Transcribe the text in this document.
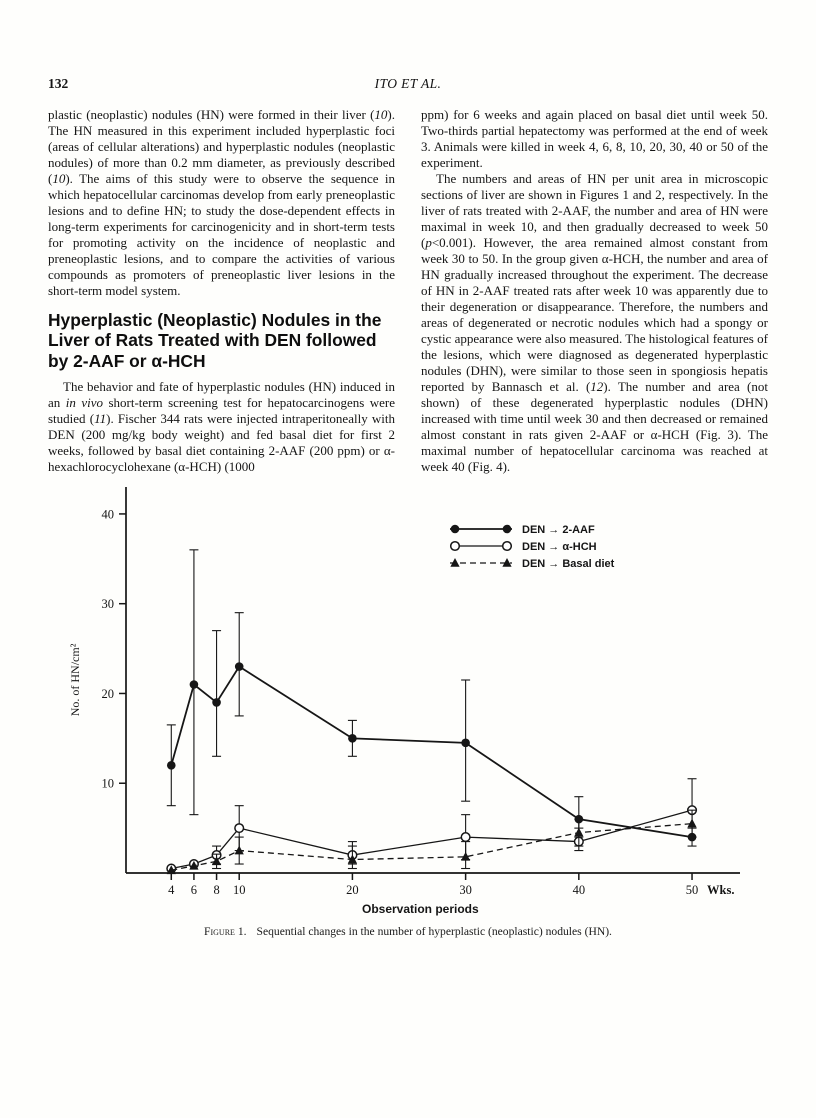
132	ITO ET AL.

plastic (neoplastic) nodules (HN) were formed in their liver (10). The HN measured in this experiment included hyperplastic foci (areas of cellular alterations) and hyperplastic nodules (neoplastic nodules) of more than 0.2 mm diameter, as previously described (10). The aims of this study were to observe the sequence in which hepatocellular carcinomas develop from early preneoplastic lesions and to define HN; to study the dose-dependent effects in long-term experiments for carcinogenicity and in short-term tests for promoting activity on the incidence of neoplastic and preneoplastic lesions, and to compare the activities of various compounds as promoters of preneoplastic liver lesions in the short-term model system.

Hyperplastic (Neoplastic) Nodules in the Liver of Rats Treated with DEN followed by 2-AAF or α-HCH

The behavior and fate of hyperplastic nodules (HN) induced in an in vivo short-term screening test for hepatocarcinogens were studied (11). Fischer 344 rats were injected intraperitoneally with DEN (200 mg/kg body weight) and fed basal diet for first 2 weeks, followed by basal diet containing 2-AAF (200 ppm) or α-hexachlorocyclohexane (α-HCH) (1000

ppm) for 6 weeks and again placed on basal diet until week 50. Two-thirds partial hepatectomy was performed at the end of week 3. Animals were killed in week 4, 6, 8, 10, 20, 30, 40 or 50 of the experiment.

The numbers and areas of HN per unit area in microscopic sections of liver are shown in Figures 1 and 2, respectively. In the liver of rats treated with 2-AAF, the number and area of HN were maximal in week 10, and then gradually decreased to week 50 (p<0.001). However, the area remained almost constant from week 30 to 50. In the group given α-HCH, the number and area of HN gradually increased throughout the experiment. The decrease of HN in 2-AAF treated rats after week 10 was apparently due to their degeneration or disappearance. Therefore, the numbers and areas of degenerated or necrotic nodules which had a spongy or cystic appearance were also measured. The histological features of the lesions, which were diagnosed as degenerated hyperplastic nodules (DHN), were similar to those seen in spongiosis hepatis reported by Bannasch et al. (12). The number and area (not shown) of these degenerated hyperplastic nodules (DHN) increased with time until week 30 and then decreased or remained almost constant in rats given 2-AAF or α-HCH (Fig. 3). The maximal number of hepatocellular carcinoma was reached at week 40 (Fig. 4).

10
20
30
40
4 6 8 10	20	30	40	50 Wks.
Observation periods
No. of HN/cm²
DEN → 2-AAF
DEN → α-HCH
DEN → Basal diet
Figure 1. Sequential changes in the number of hyperplastic (neoplastic) nodules (HN).
